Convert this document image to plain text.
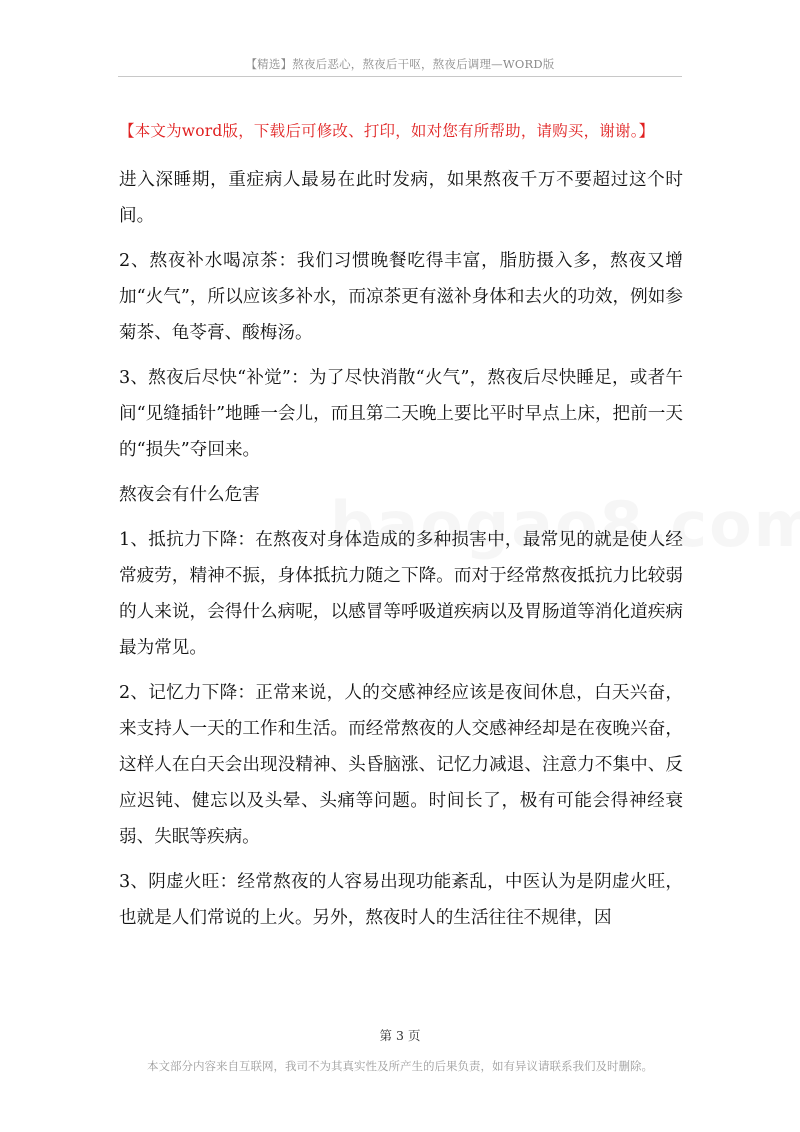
【精选】熬夜后恶心，熬夜后干呕，熬夜后调理—WORD版
【本文为word版，下载后可修改、打印，如对您有所帮助，请购买，谢谢。】

进入深睡期，重症病人最易在此时发病，如果熬夜千万不要超过这个时间。

2、熬夜补水喝凉茶：我们习惯晚餐吃得丰富，脂肪摄入多，熬夜又增加“火气”，所以应该多补水，而凉茶更有滋补身体和去火的功效，例如参菊茶、龟苓膏、酸梅汤。

3、熬夜后尽快“补觉”：为了尽快消散“火气”，熬夜后尽快睡足，或者午间“见缝插针”地睡一会儿，而且第二天晚上要比平时早点上床，把前一天的“损失”夺回来。

熬夜会有什么危害

1、抵抗力下降：在熬夜对身体造成的多种损害中，最常见的就是使人经常疲劳，精神不振，身体抵抗力随之下降。而对于经常熬夜抵抗力比较弱的人来说，会得什么病呢，以感冒等呼吸道疾病以及胃肠道等消化道疾病最为常见。

2、记忆力下降：正常来说，人的交感神经应该是夜间休息，白天兴奋，来支持人一天的工作和生活。而经常熬夜的人交感神经却是在夜晚兴奋，这样人在白天会出现没精神、头昏脑涨、记忆力减退、注意力不集中、反应迟钝、健忘以及头晕、头痛等问题。时间长了，极有可能会得神经衰弱、失眠等疾病。

3、阴虚火旺：经常熬夜的人容易出现功能紊乱，中医认为是阴虚火旺，也就是人们常说的上火。另外，熬夜时人的生活往往不规律，因

第 3 页
本文部分内容来自互联网，我司不为其真实性及所产生的后果负责，如有异议请联系我们及时删除。
